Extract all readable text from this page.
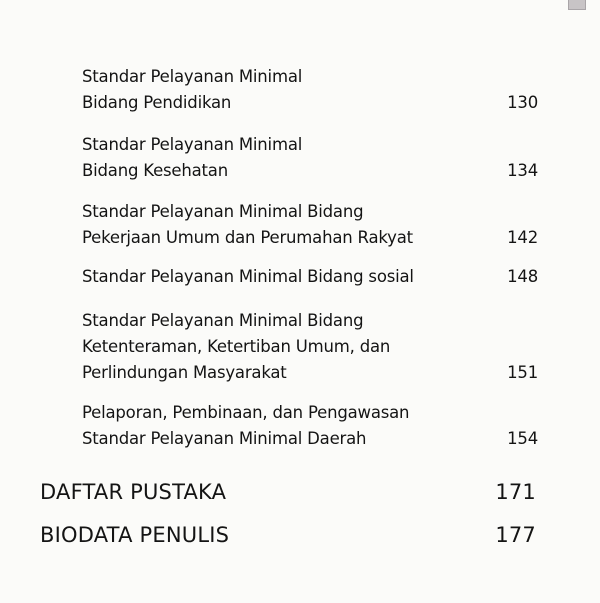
Standar Pelayanan Minimal
Bidang Pendidikan	130
Standar Pelayanan Minimal
Bidang Kesehatan	134
Standar Pelayanan Minimal Bidang
Pekerjaan Umum dan Perumahan Rakyat	142
Standar Pelayanan Minimal Bidang sosial	148
Standar Pelayanan Minimal Bidang
Ketenteraman, Ketertiban Umum, dan
Perlindungan Masyarakat	151
Pelaporan, Pembinaan, dan Pengawasan
Standar Pelayanan Minimal Daerah	154
DAFTAR PUSTAKA	171
BIODATA PENULIS	177
